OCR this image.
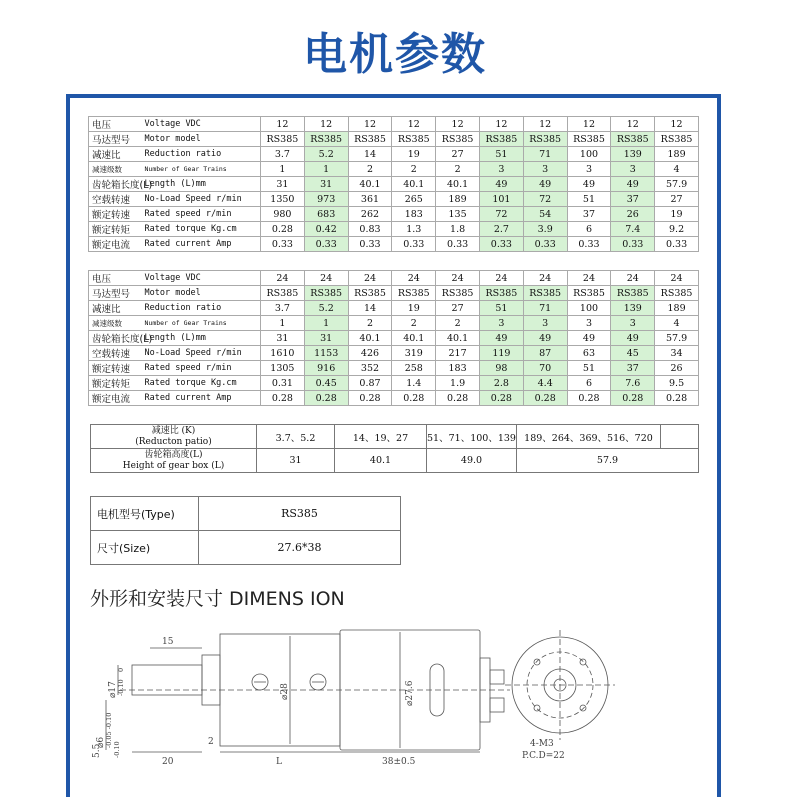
电机参数
电压	Voltage VDC	12	12	12	12	12	12	12	12	12	12
马达型号	Motor model	RS385	RS385	RS385	RS385	RS385	RS385	RS385	RS385	RS385	RS385
减速比	Reduction ratio	3.7	5.2	14	19	27	51	71	100	139	189
减速级数	Number of Gear Trains	1	1	2	2	2	3	3	3	3	4
齿轮箱长度(L)	Length (L)mm	31	31	40.1	40.1	40.1	49	49	49	49	57.9
空载转速	No-Load Speed r/min	1350	973	361	265	189	101	72	51	37	27
额定转速	Rated speed r/min	980	683	262	183	135	72	54	37	26	19
额定转矩	Rated torque Kg.cm	0.28	0.42	0.83	1.3	1.8	2.7	3.9	6	7.4	9.2
额定电流	Rated current Amp	0.33	0.33	0.33	0.33	0.33	0.33	0.33	0.33	0.33	0.33
电压	Voltage VDC	24	24	24	24	24	24	24	24	24	24
马达型号	Motor model	RS385	RS385	RS385	RS385	RS385	RS385	RS385	RS385	RS385	RS385
减速比	Reduction ratio	3.7	5.2	14	19	27	51	71	100	139	189
减速级数	Number of Gear Trains	1	1	2	2	2	3	3	3	3	4
齿轮箱长度(L)	Length (L)mm	31	31	40.1	40.1	40.1	49	49	49	49	57.9
空载转速	No-Load Speed r/min	1610	1153	426	319	217	119	87	63	45	34
额定转速	Rated speed r/min	1305	916	352	258	183	98	70	51	37	26
额定转矩	Rated torque Kg.cm	0.31	0.45	0.87	1.4	1.9	2.8	4.4	6	7.6	9.5
额定电流	Rated current Amp	0.28	0.28	0.28	0.28	0.28	0.28	0.28	0.28	0.28	0.28
减速比 (K)
(Reducton patio)	3.7、5.2	14、19、27	51、71、100、139	189、264、369、516、720	

齿轮箱高度(L)
Height of gear box (L)	31	40.1	49.0	57.9	
电机型号(Type)	RS385
尺寸(Size)	27.6*38
外形和安装尺寸 DIMENS ION
15
20	L	38±0.5
2	4-M3
P.C.D=22
⌀17 -0.10
0
⌀6 -0.05 -0.10
5.5 -0.10
⌀28	⌀27.6
